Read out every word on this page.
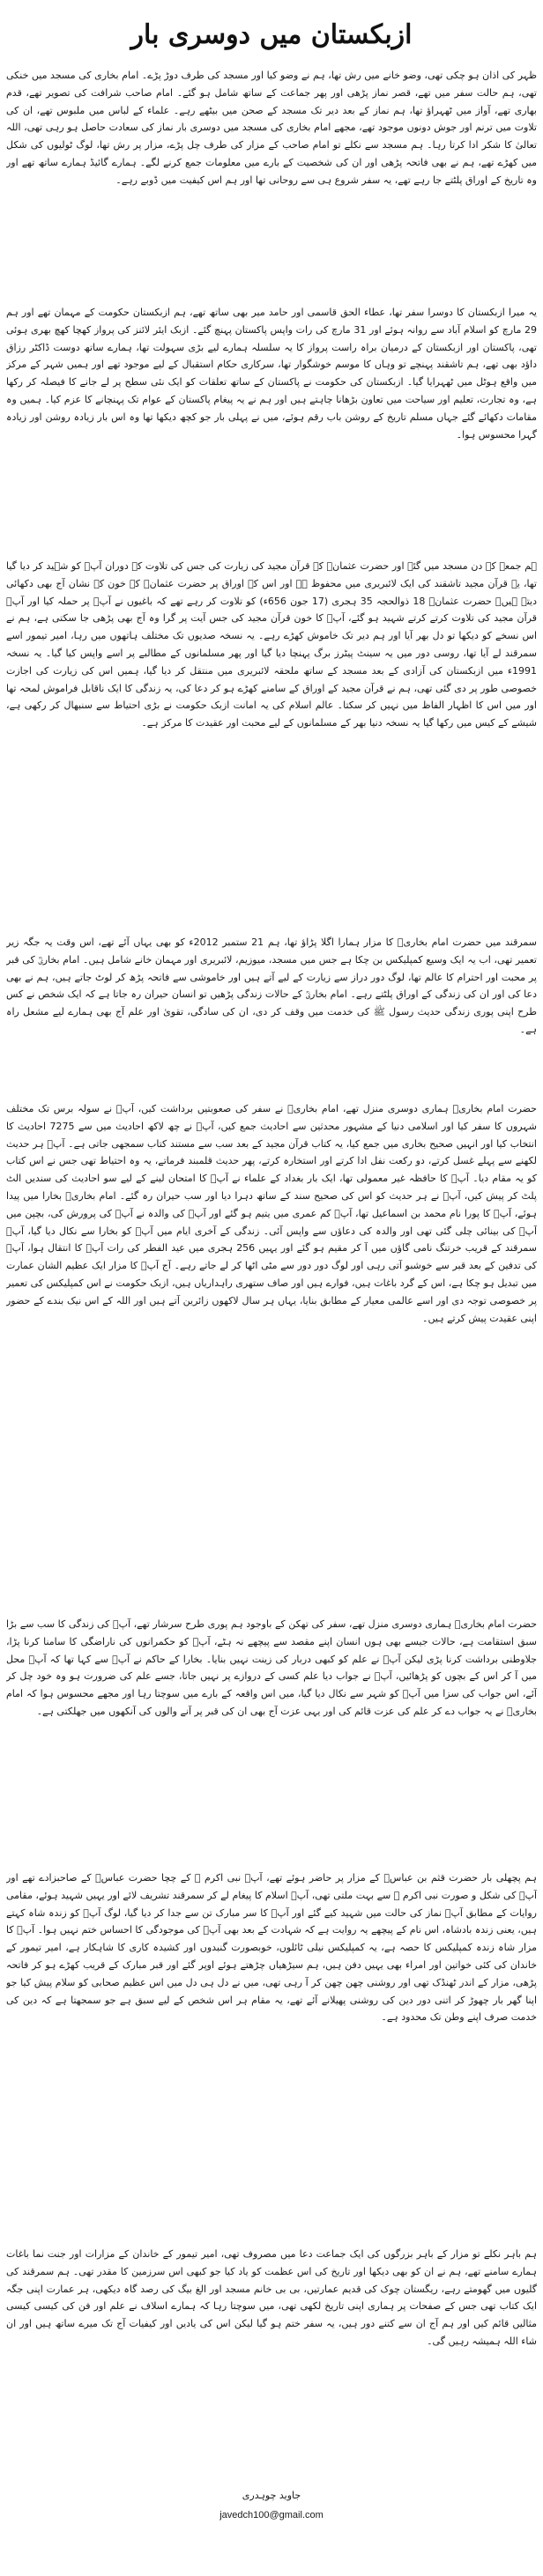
ازبکستان میں دوسری بار

ظہر کی اذان ہو چکی تھی، وضو خانے میں رش تھا، ہم نے وضو کیا اور مسجد کی طرف دوڑ پڑے۔ امام بخاری کی مسجد میں خنکی تھی، ہم حالت سفر میں تھے، قصر نماز پڑھی اور پھر جماعت کے ساتھ شامل ہو گئے۔ امام صاحب شرافت کی تصویر تھے، قدم بھاری تھے، آواز میں ٹھہراؤ تھا، ہم نماز کے بعد دیر تک مسجد کے صحن میں بیٹھے رہے۔ علماء کے لباس میں ملبوس تھے، ان کی تلاوت میں ترنم اور جوش دونوں موجود تھے، مجھے امام بخاری کی مسجد میں دوسری بار نماز کی سعادت حاصل ہو رہی تھی، اللہ تعالیٰ کا شکر ادا کرتا رہا۔ ہم مسجد سے نکلے تو امام صاحب کے مزار کی طرف چل پڑے، مزار پر رش تھا، لوگ ٹولیوں کی شکل میں کھڑے تھے، ہم نے بھی فاتحہ پڑھی اور ان کی شخصیت کے بارے میں معلومات جمع کرنے لگے۔ ہمارے گائیڈ ہمارے ساتھ تھے اور وہ تاریخ کے اوراق پلٹتے جا رہے تھے، یہ سفر شروع ہی سے روحانی تھا اور ہم اس کیفیت میں ڈوبے رہے۔

یہ میرا ازبکستان کا دوسرا سفر تھا، عطاء الحق قاسمی اور حامد میر بھی ساتھ تھے، ہم ازبکستان حکومت کے مہمان تھے اور ہم 29 مارچ کو اسلام آباد سے روانہ ہوئے اور 31 مارچ کی رات واپس پاکستان پہنچ گئے۔ ازبک ایئر لائنز کی پرواز کھچا کھچ بھری ہوئی تھی، پاکستان اور ازبکستان کے درمیان براہ راست پرواز کا یہ سلسلہ ہمارے لیے بڑی سہولت تھا، ہمارے ساتھ دوست ڈاکٹر رزاق داؤد بھی تھے، ہم تاشقند پہنچے تو وہاں کا موسم خوشگوار تھا، سرکاری حکام استقبال کے لیے موجود تھے اور ہمیں شہر کے مرکز میں واقع ہوٹل میں ٹھہرایا گیا۔ ازبکستان کی حکومت نے پاکستان کے ساتھ تعلقات کو ایک نئی سطح پر لے جانے کا فیصلہ کر رکھا ہے، وہ تجارت، تعلیم اور سیاحت میں تعاون بڑھانا چاہتے ہیں اور ہم نے یہ پیغام پاکستان کے عوام تک پہنچانے کا عزم کیا۔ ہمیں وہ مقامات دکھائے گئے جہاں مسلم تاریخ کے روشن باب رقم ہوئے، میں نے پہلی بار جو کچھ دیکھا تھا وہ اس بار زیادہ روشن اور زیادہ گہرا محسوس ہوا۔

ہم جمعہ کے دن مسجد میں گئے اور حضرت عثمانؓ کے قرآن مجید کی زیارت کی جس کی تلاوت کے دوران آپؓ کو شہید کر دیا گیا تھا، یہ قرآن مجید تاشقند کی ایک لائبریری میں محفوظ ہے اور اس کے اوراق پر حضرت عثمانؓ کے خون کے نشان آج بھی دکھائی دیتے ہیں۔ حضرت عثمانؓ 18 ذوالحجہ 35 ہجری (17 جون 656ء) کو تلاوت کر رہے تھے کہ باغیوں نے آپؓ پر حملہ کیا اور آپؓ قرآن مجید کی تلاوت کرتے کرتے شہید ہو گئے، آپؓ کا خون قرآن مجید کی جس آیت پر گرا وہ آج بھی پڑھی جا سکتی ہے، ہم نے اس نسخے کو دیکھا تو دل بھر آیا اور ہم دیر تک خاموش کھڑے رہے۔ یہ نسخہ صدیوں تک مختلف ہاتھوں میں رہا، امیر تیمور اسے سمرقند لے آیا تھا، روسی دور میں یہ سینٹ پیٹرز برگ پہنچا دیا گیا اور پھر مسلمانوں کے مطالبے پر اسے واپس کیا گیا۔ یہ نسخہ 1991ء میں ازبکستان کی آزادی کے بعد مسجد کے ساتھ ملحقہ لائبریری میں منتقل کر دیا گیا، ہمیں اس کی زیارت کی اجازت خصوصی طور پر دی گئی تھی، ہم نے قرآن مجید کے اوراق کے سامنے کھڑے ہو کر دعا کی، یہ زندگی کا ایک ناقابل فراموش لمحہ تھا اور میں اس کا اظہار الفاظ میں نہیں کر سکتا۔ عالم اسلام کی یہ امانت ازبک حکومت نے بڑی احتیاط سے سنبھال کر رکھی ہے، شیشے کے کیس میں رکھا گیا یہ نسخہ دنیا بھر کے مسلمانوں کے لیے محبت اور عقیدت کا مرکز ہے۔

سمرقند میں حضرت امام بخاریؒ کا مزار ہمارا اگلا پڑاؤ تھا، ہم 21 ستمبر 2012ء کو بھی یہاں آئے تھے، اس وقت یہ جگہ زیر تعمیر تھی، اب یہ ایک وسیع کمپلیکس بن چکا ہے جس میں مسجد، میوزیم، لائبریری اور مہمان خانے شامل ہیں۔ امام بخاریؒ کی قبر پر محبت اور احترام کا عالم تھا، لوگ دور دراز سے زیارت کے لیے آتے ہیں اور خاموشی سے فاتحہ پڑھ کر لوٹ جاتے ہیں، ہم نے بھی دعا کی اور ان کی زندگی کے اوراق پلٹتے رہے۔ امام بخاریؒ کے حالات زندگی پڑھیں تو انسان حیران رہ جاتا ہے کہ ایک شخص نے کس طرح اپنی پوری زندگی حدیث رسول ﷺ کی خدمت میں وقف کر دی، ان کی سادگی، تقویٰ اور علم آج بھی ہمارے لیے مشعل راہ ہے۔

حضرت امام بخاریؒ ہماری دوسری منزل تھے، امام بخاریؒ نے سفر کی صعوبتیں برداشت کیں، آپؒ نے سولہ برس تک مختلف شہروں کا سفر کیا اور اسلامی دنیا کے مشہور محدثین سے احادیث جمع کیں، آپؒ نے چھ لاکھ احادیث میں سے 7275 احادیث کا انتخاب کیا اور انہیں صحیح بخاری میں جمع کیا، یہ کتاب قرآن مجید کے بعد سب سے مستند کتاب سمجھی جاتی ہے۔ آپؒ ہر حدیث لکھنے سے پہلے غسل کرتے، دو رکعت نفل ادا کرتے اور استخارہ کرتے، پھر حدیث قلمبند فرماتے، یہ وہ احتیاط تھی جس نے اس کتاب کو یہ مقام دیا۔ آپؒ کا حافظہ غیر معمولی تھا، ایک بار بغداد کے علماء نے آپؒ کا امتحان لینے کے لیے سو احادیث کی سندیں الٹ پلٹ کر پیش کیں، آپؒ نے ہر حدیث کو اس کی صحیح سند کے ساتھ دہرا دیا اور سب حیران رہ گئے۔ امام بخاریؒ بخارا میں پیدا ہوئے، آپؒ کا پورا نام محمد بن اسماعیل تھا، آپؒ کم عمری میں یتیم ہو گئے اور آپؒ کی والدہ نے آپؒ کی پرورش کی، بچپن میں آپؒ کی بینائی چلی گئی تھی اور والدہ کی دعاؤں سے واپس آئی۔ زندگی کے آخری ایام میں آپؒ کو بخارا سے نکال دیا گیا، آپؒ سمرقند کے قریب خرتنگ نامی گاؤں میں آ کر مقیم ہو گئے اور یہیں 256 ہجری میں عید الفطر کی رات آپؒ کا انتقال ہوا، آپؒ کی تدفین کے بعد قبر سے خوشبو آتی رہی اور لوگ دور دور سے مٹی اٹھا کر لے جاتے رہے۔ آج آپؒ کا مزار ایک عظیم الشان عمارت میں تبدیل ہو چکا ہے، اس کے گرد باغات ہیں، فوارے ہیں اور صاف ستھری راہداریاں ہیں، ازبک حکومت نے اس کمپلیکس کی تعمیر پر خصوصی توجہ دی اور اسے عالمی معیار کے مطابق بنایا، یہاں ہر سال لاکھوں زائرین آتے ہیں اور اللہ کے اس نیک بندے کے حضور اپنی عقیدت پیش کرتے ہیں۔

حضرت امام بخاریؒ ہماری دوسری منزل تھے، سفر کی تھکن کے باوجود ہم پوری طرح سرشار تھے، آپؒ کی زندگی کا سب سے بڑا سبق استقامت ہے، حالات جیسے بھی ہوں انسان اپنے مقصد سے پیچھے نہ ہٹے، آپؒ کو حکمرانوں کی ناراضگی کا سامنا کرنا پڑا، جلاوطنی برداشت کرنا پڑی لیکن آپؒ نے علم کو کبھی دربار کی زینت نہیں بنایا۔ بخارا کے حاکم نے آپؒ سے کہا تھا کہ آپؒ محل میں آ کر اس کے بچوں کو پڑھائیں، آپؒ نے جواب دیا علم کسی کے دروازے پر نہیں جاتا، جسے علم کی ضرورت ہو وہ خود چل کر آئے، اس جواب کی سزا میں آپؒ کو شہر سے نکال دیا گیا، میں اس واقعہ کے بارے میں سوچتا رہا اور مجھے محسوس ہوا کہ امام بخاریؒ نے یہ جواب دے کر علم کی عزت قائم کی اور یہی عزت آج بھی ان کی قبر پر آنے والوں کی آنکھوں میں جھلکتی ہے۔

ہم پچھلی بار حضرت قثم بن عباسؓ کے مزار پر حاضر ہوئے تھے، آپؓ نبی اکرم ﷺ کے چچا حضرت عباسؓ کے صاحبزادے تھے اور آپؓ کی شکل و صورت نبی اکرم ﷺ سے بہت ملتی تھی، آپؓ اسلام کا پیغام لے کر سمرقند تشریف لائے اور یہیں شہید ہوئے، مقامی روایات کے مطابق آپؓ نماز کی حالت میں شہید کیے گئے اور آپؓ کا سر مبارک تن سے جدا کر دیا گیا، لوگ آپؓ کو زندہ شاہ کہتے ہیں، یعنی زندہ بادشاہ، اس نام کے پیچھے یہ روایت ہے کہ شہادت کے بعد بھی آپؓ کی موجودگی کا احساس ختم نہیں ہوا۔ آپؓ کا مزار شاہ زندہ کمپلیکس کا حصہ ہے، یہ کمپلیکس نیلی ٹائلوں، خوبصورت گنبدوں اور کشیدہ کاری کا شاہکار ہے، امیر تیمور کے خاندان کی کئی خواتین اور امراء بھی یہیں دفن ہیں، ہم سیڑھیاں چڑھتے ہوئے اوپر گئے اور قبر مبارک کے قریب کھڑے ہو کر فاتحہ پڑھی، مزار کے اندر ٹھنڈک تھی اور روشنی چھن چھن کر آ رہی تھی، میں نے دل ہی دل میں اس عظیم صحابی کو سلام پیش کیا جو اپنا گھر بار چھوڑ کر اتنی دور دین کی روشنی پھیلانے آئے تھے، یہ مقام ہر اس شخص کے لیے سبق ہے جو سمجھتا ہے کہ دین کی خدمت صرف اپنے وطن تک محدود ہے۔

ہم باہر نکلے تو مزار کے باہر بزرگوں کی ایک جماعت دعا میں مصروف تھی، امیر تیمور کے خاندان کے مزارات اور جنت نما باغات ہمارے سامنے تھے، ہم نے ان کو بھی دیکھا اور تاریخ کی اس عظمت کو یاد کیا جو کبھی اس سرزمین کا مقدر تھی۔ ہم سمرقند کی گلیوں میں گھومتے رہے، ریگستان چوک کی قدیم عمارتیں، بی بی خانم مسجد اور الغ بیگ کی رصد گاہ دیکھی، ہر عمارت اپنی جگہ ایک کتاب تھی جس کے صفحات پر ہماری اپنی تاریخ لکھی تھی، میں سوچتا رہا کہ ہمارے اسلاف نے علم اور فن کی کیسی کیسی مثالیں قائم کیں اور ہم آج ان سے کتنے دور ہیں، یہ سفر ختم ہو گیا لیکن اس کی یادیں اور کیفیات آج تک میرے ساتھ ہیں اور ان شاء اللہ ہمیشہ رہیں گی۔

جاوید چوہدری
javedch100@gmail.com
